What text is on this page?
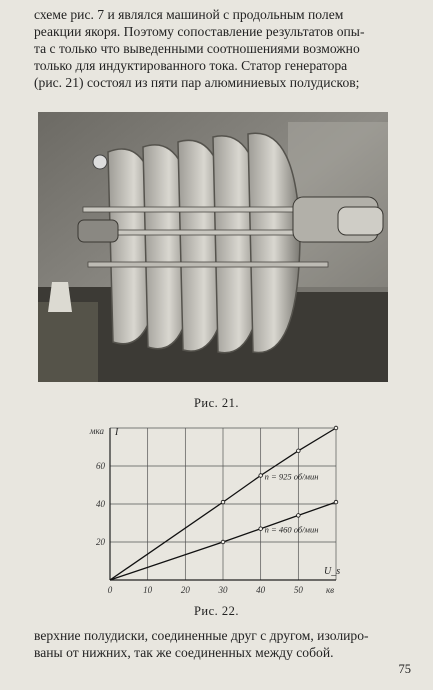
схеме рис. 7 и являлся машиной с продольным полем
реакции якоря. Поэтому сопоставление результатов опы-
та с только что выведенными соотношениями возможно
только для индуктированного тока. Статор генератора
(рис. 21) состоял из пяти пар алюминиевых полудисков;
Рис. 21.
0	10	20	30	40	50
20
40
60
мка I
U_s
кв
n = 925 об/мин
n = 460 об/мин
Рис. 22.
верхние полудиски, соединенные друг с другом, изолиро-
ваны от нижних, так же соединенных между собой.
75
